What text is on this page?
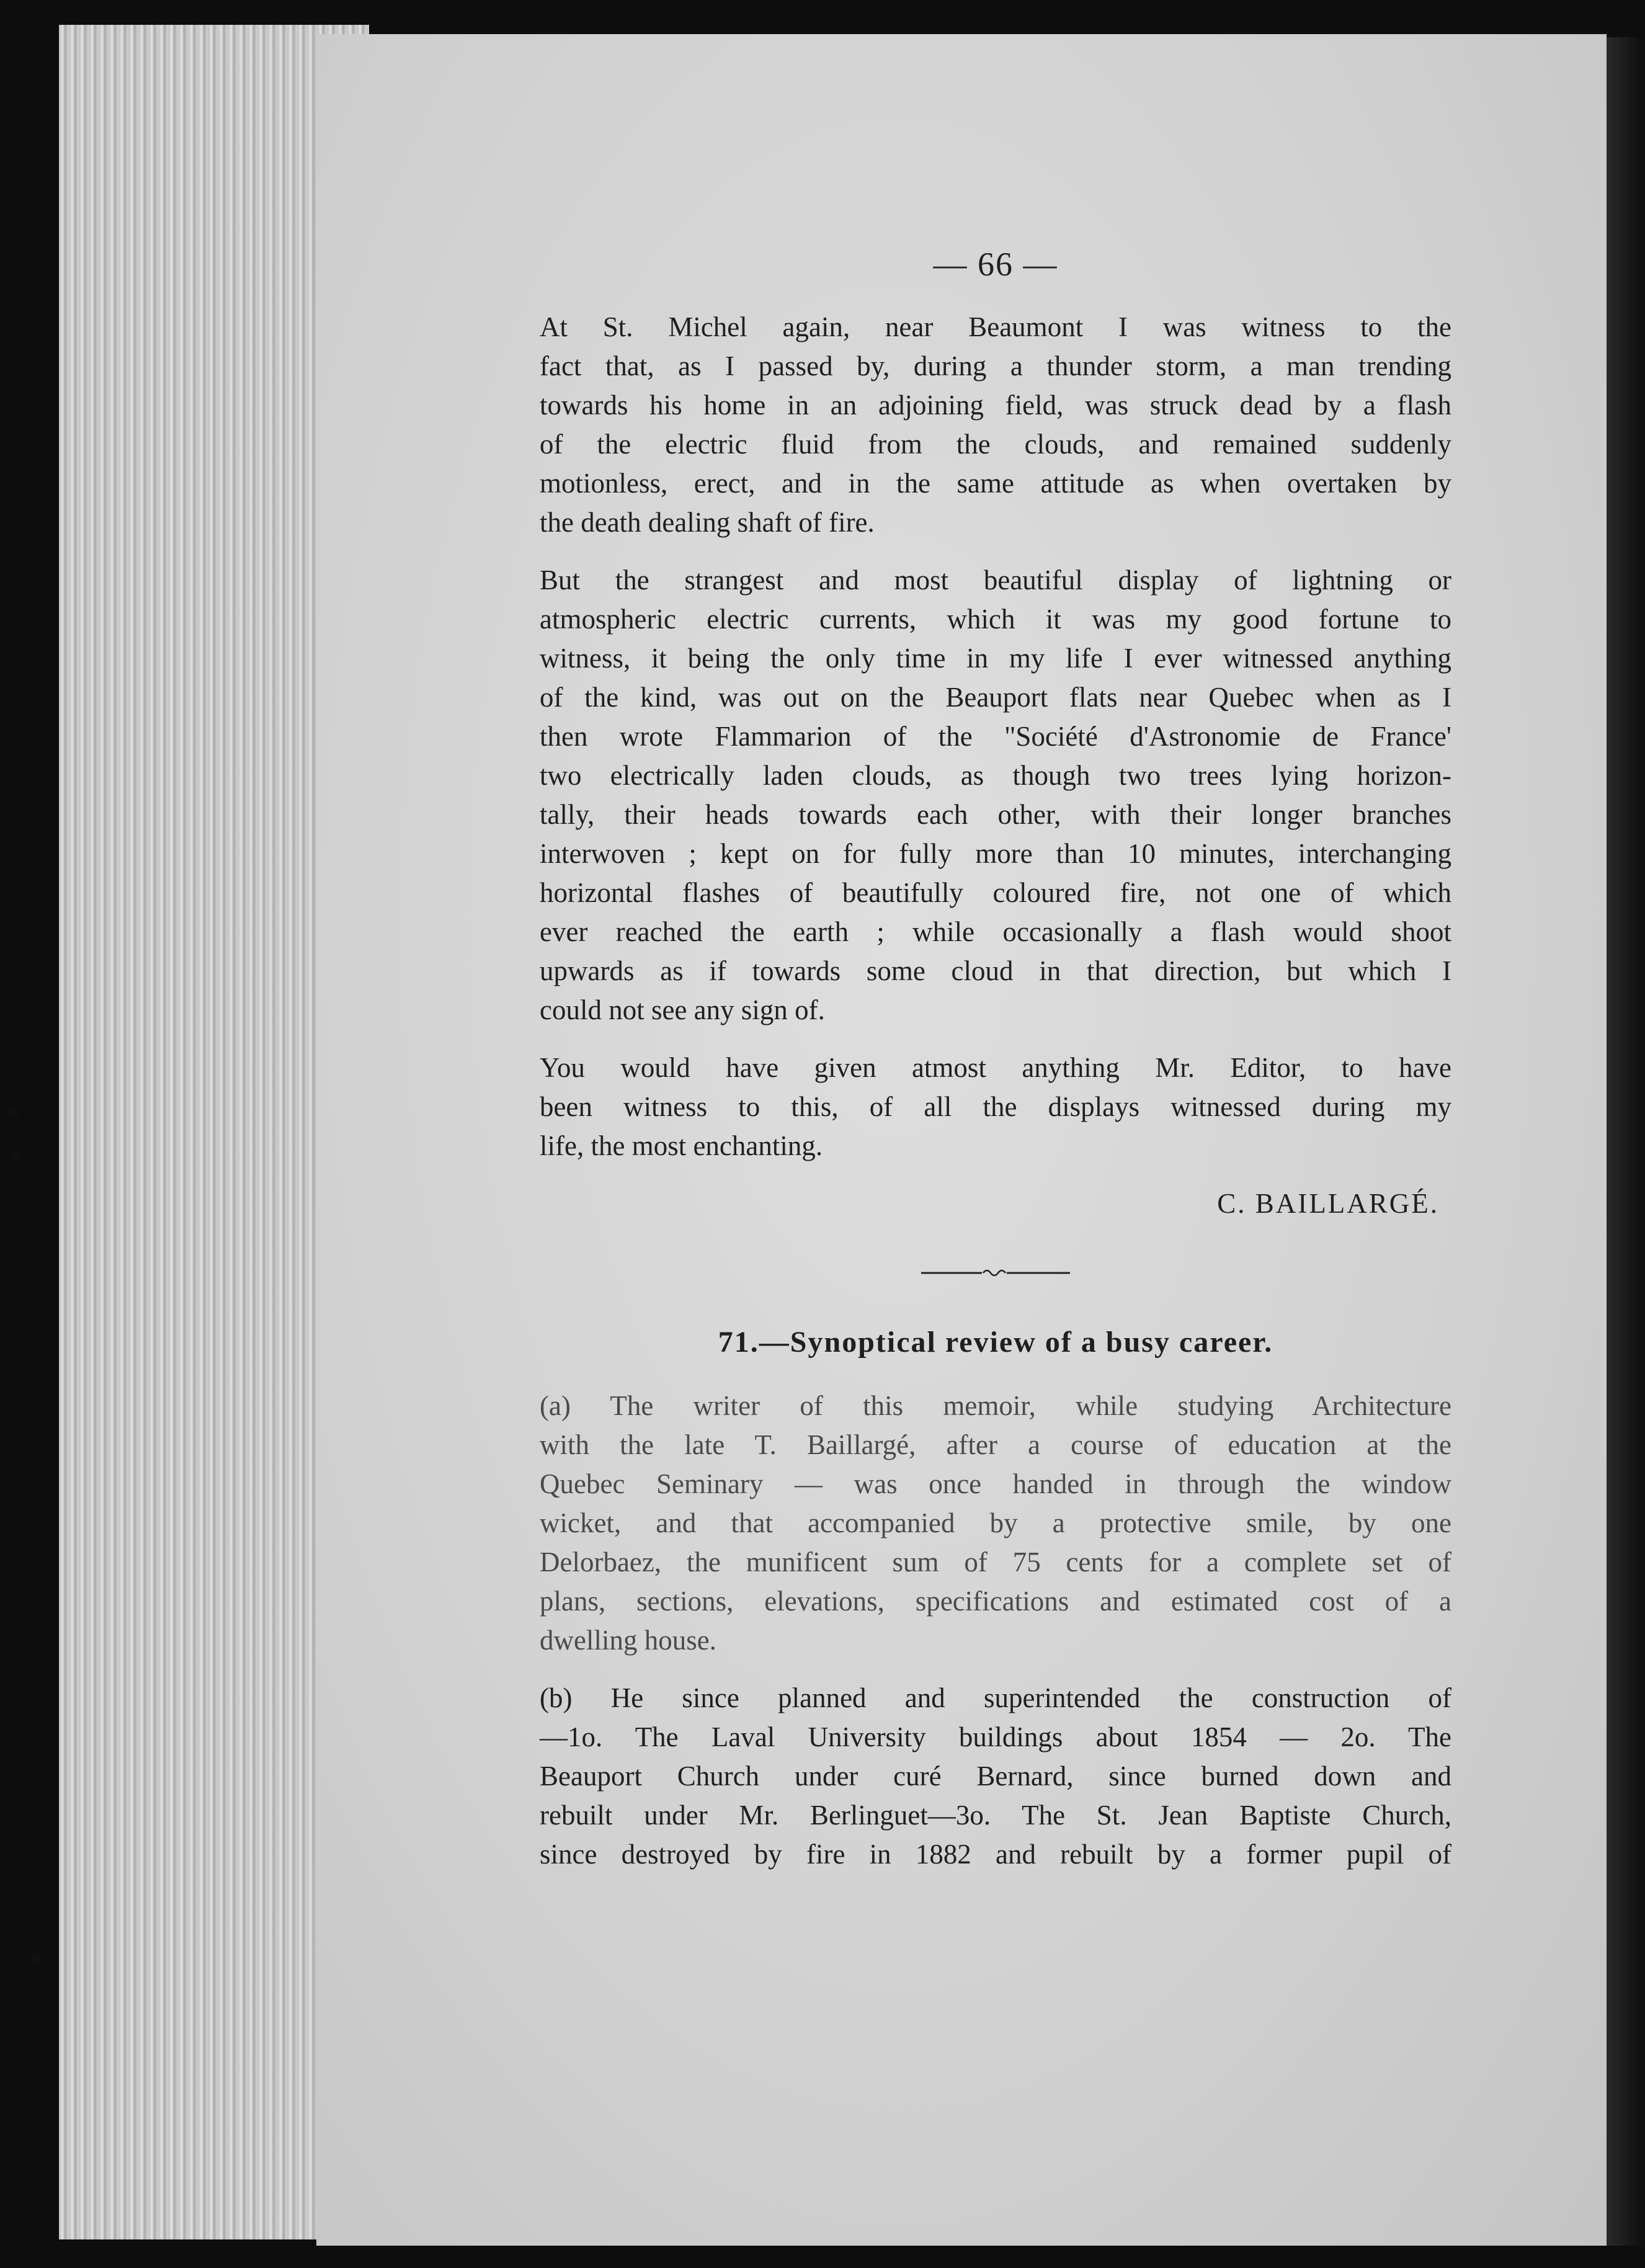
— 66 —
At St. Michel again, near Beaumont I was witness to the
fact that, as I passed by, during a thunder storm, a man trending
towards his home in an adjoining field, was struck dead by a flash
of the electric fluid from the clouds, and remained suddenly
motionless, erect, and in the same attitude as when overtaken by
the death dealing shaft of fire.
But the strangest and most beautiful display of lightning or
atmospheric electric currents, which it was my good fortune to
witness, it being the only time in my life I ever witnessed anything
of the kind, was out on the Beauport flats near Quebec when as I
then wrote Flammarion of the "Société d'Astronomie de France'
two electrically laden clouds, as though two trees lying horizon-
tally, their heads towards each other, with their longer branches
interwoven ; kept on for fully more than 10 minutes, interchanging
horizontal flashes of beautifully coloured fire, not one of which
ever reached the earth ; while occasionally a flash would shoot
upwards as if towards some cloud in that direction, but which I
could not see any sign of.
You would have given atmost anything Mr. Editor, to have
been witness to this, of all the displays witnessed during my
life, the most enchanting.
C. BAILLARGÉ.
71.—Synoptical review of a busy career.
(a) The writer of this memoir, while studying Architecture
with the late T. Baillargé, after a course of education at the
Quebec Seminary — was once handed in through the window
wicket, and that accompanied by a protective smile, by one
Delorbaez, the munificent sum of 75 cents for a complete set of
plans, sections, elevations, specifications and estimated cost of a
dwelling house.
(b) He since planned and superintended the construction of
—1o. The Laval University buildings about 1854 — 2o. The
Beauport Church under curé Bernard, since burned down and
rebuilt under Mr. Berlinguet—3o. The St. Jean Baptiste Church,
since destroyed by fire in 1882 and rebuilt by a former pupil of
